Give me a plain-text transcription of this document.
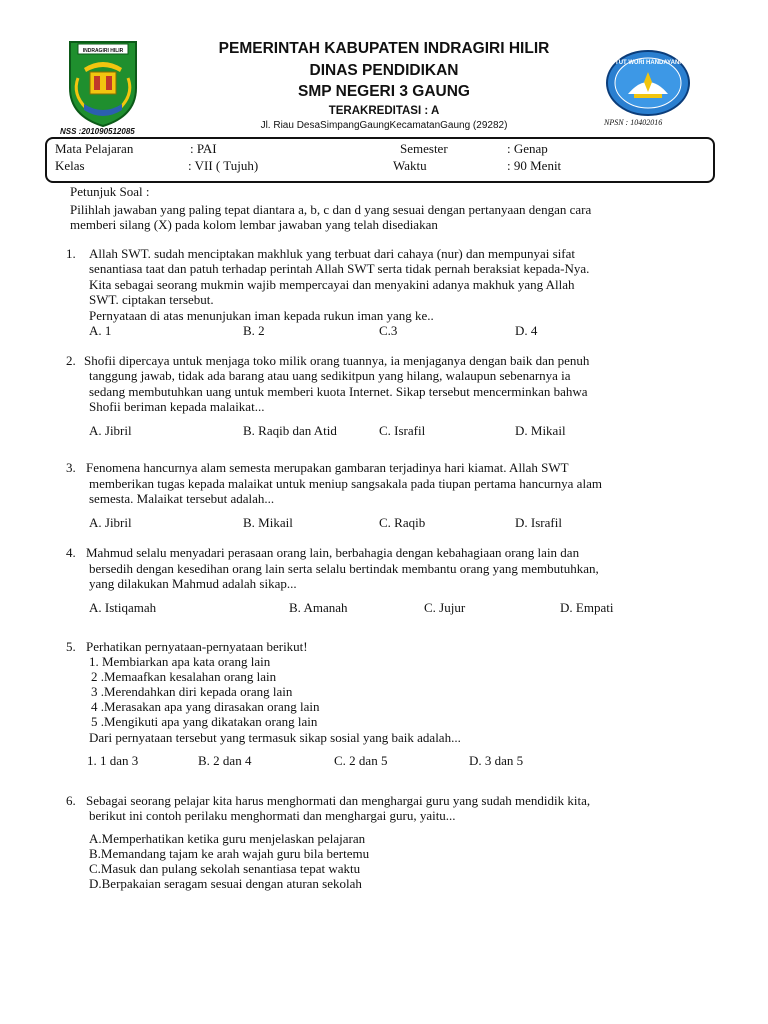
INDRAGIRI HILIR
TUT WURI HANDAYANI
PEMERINTAH KABUPATEN INDRAGIRI HILIR
DINAS PENDIDIKAN
SMP NEGERI 3 GAUNG
TERAKREDITASI : A
Jl. Riau DesaSimpangGaungKecamatanGaung (29282)
NSS :201090512085
NPSN : 10402016
Mata Pelajaran	: PAI	Semester	: Genap
Kelas	: VII ( Tujuh)	Waktu	: 90 Menit
Petunjuk Soal :
Pilihlah jawaban yang paling tepat diantara a, b, c dan d yang sesuai dengan pertanyaan dengan cara
memberi silang (X) pada kolom lembar jawaban yang telah disediakan
1. Allah SWT. sudah menciptakan makhluk yang terbuat dari cahaya (nur) dan mempunyai sifat
senantiasa taat dan patuh terhadap perintah Allah SWT serta tidak pernah beraksiat kepada-Nya.
Kita sebagai seorang mukmin wajib mempercayai dan menyakini adanya makhuk yang Allah
SWT. ciptakan tersebut.
Pernyataan di atas menunjukan iman kepada rukun iman yang ke..
A. 1	B. 2	C.3	D. 4
2. Shofii dipercaya untuk menjaga toko milik orang tuannya, ia menjaganya dengan baik dan penuh
tanggung jawab, tidak ada barang atau uang sedikitpun yang hilang, walaupun sebenarnya ia
sedang membutuhkan uang untuk memberi kuota Internet. Sikap tersebut mencerminkan bahwa
Shofii beriman kepada malaikat...
A. Jibril	B. Raqib dan Atid	C. Israfil	D. Mikail
3. Fenomena hancurnya alam semesta merupakan gambaran terjadinya hari kiamat. Allah SWT
memberikan tugas kepada malaikat untuk meniup sangsakala pada tiupan pertama hancurnya alam
semesta. Malaikat tersebut adalah...
A. Jibril	B. Mikail	C. Raqib	D. Israfil
4. Mahmud selalu menyadari perasaan orang lain, berbahagia dengan kebahagiaan orang lain dan
bersedih dengan kesedihan orang lain serta selalu bertindak membantu orang yang membutuhkan,
yang dilakukan Mahmud adalah sikap...
A. Istiqamah	B. Amanah	C. Jujur	D. Empati
5. Perhatikan pernyataan-pernyataan berikut!
1. Membiarkan apa kata orang lain
2 .Memaafkan kesalahan orang lain
3 .Merendahkan diri kepada orang lain
4 .Merasakan apa yang dirasakan orang lain
5 .Mengikuti apa yang dikatakan orang lain
Dari pernyataan tersebut yang termasuk sikap sosial yang baik adalah...
1. 1 dan 3	B. 2 dan 4	C. 2 dan 5	D. 3 dan 5
6. Sebagai seorang pelajar kita harus menghormati dan menghargai guru yang sudah mendidik kita,
berikut ini contoh perilaku menghormati dan menghargai guru, yaitu...
A.Memperhatikan ketika guru menjelaskan pelajaran
B.Memandang tajam ke arah wajah guru bila bertemu
C.Masuk dan pulang sekolah senantiasa tepat waktu
D.Berpakaian seragam sesuai dengan aturan sekolah
